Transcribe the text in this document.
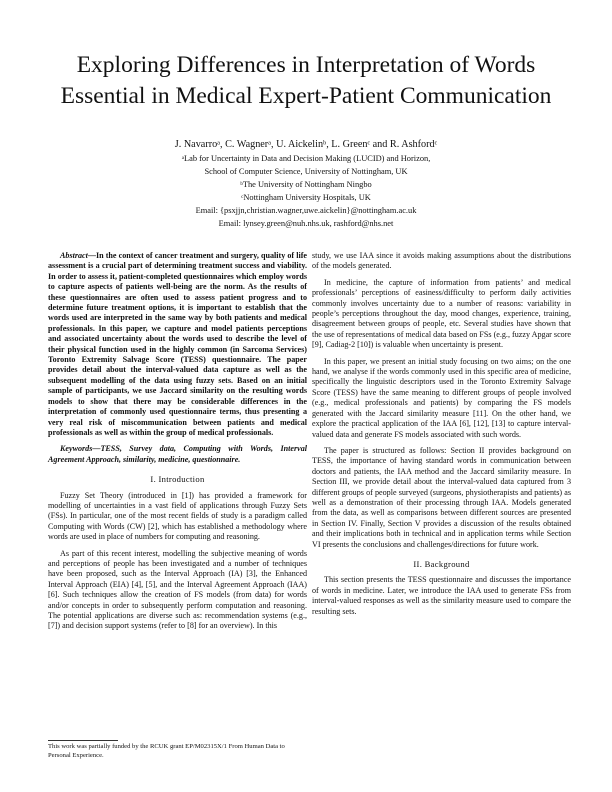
Exploring Differences in Interpretation of Words
Essential in Medical Expert-Patient Communication
J. Navarroᵃ, C. Wagnerᵃ, U. Aickelinᵇ, L. Greenᶜ and R. Ashfordᶜ
ᵃLab for Uncertainty in Data and Decision Making (LUCID) and Horizon,
School of Computer Science, University of Nottingham, UK
ᵇThe University of Nottingham Ningbo
ᶜNottingham University Hospitals, UK
Email: {psxjjn,christian.wagner,uwe.aickelin}@nottingham.ac.uk
Email: lynsey.green@nuh.nhs.uk, rashford@nhs.net

Abstract—In the context of cancer treatment and surgery, quality of life assessment is a crucial part of determining treatment success and viability. In order to assess it, patient-completed questionnaires which employ words to capture aspects of patients well-being are the norm. As the results of these questionnaires are often used to assess patient progress and to determine future treatment options, it is important to establish that the words used are interpreted in the same way by both patients and medical professionals. In this paper, we capture and model patients perceptions and associated uncertainty about the words used to describe the level of their physical function used in the highly common (in Sarcoma Services) Toronto Extremity Salvage Score (TESS) questionnaire. The paper provides detail about the interval-valued data capture as well as the subsequent modelling of the data using fuzzy sets. Based on an initial sample of participants, we use Jaccard similarity on the resulting words models to show that there may be considerable differences in the interpretation of commonly used questionnaire terms, thus presenting a very real risk of miscommunication between patients and medical professionals as well as within the group of medical professionals.

Keywords—TESS, Survey data, Computing with Words, Interval Agreement Approach, similarity, medicine, questionnaire.

I. Introduction

Fuzzy Set Theory (introduced in [1]) has provided a framework for modelling of uncertainties in a vast field of applications through Fuzzy Sets (FSs). In particular, one of the most recent fields of study is a paradigm called Computing with Words (CW) [2], which has established a methodology where words are used in place of numbers for computing and reasoning.

As part of this recent interest, modelling the subjective meaning of words and perceptions of people has been investigated and a number of techniques have been proposed, such as the Interval Approach (IA) [3], the Enhanced Interval Approach (EIA) [4], [5], and the Interval Agreement Approach (IAA) [6]. Such techniques allow the creation of FS models (from data) for words and/or concepts in order to subsequently perform computation and reasoning. The potential applications are diverse such as: recommendation systems (e.g., [7]) and decision support systems (refer to [8] for an overview). In this

study, we use IAA since it avoids making assumptions about the distributions of the models generated.

In medicine, the capture of information from patients’ and medical professionals’ perceptions of easiness/difficulty to perform daily activities commonly involves uncertainty due to a number of reasons: variability in people’s perceptions throughout the day, mood changes, experience, training, disagreement between groups of people, etc. Several studies have shown that the use of representations of medical data based on FSs (e.g., fuzzy Apgar score [9], Cadiag-2 [10]) is valuable when uncertainty is present.

In this paper, we present an initial study focusing on two aims; on the one hand, we analyse if the words commonly used in this specific area of medicine, specifically the linguistic descriptors used in the Toronto Extremity Salvage Score (TESS) have the same meaning to different groups of people involved (e.g., medical professionals and patients) by comparing the FS models generated with the Jaccard similarity measure [11]. On the other hand, we explore the practical application of the IAA [6], [12], [13] to capture interval-valued data and generate FS models associated with such words.

The paper is structured as follows: Section II provides background on TESS, the importance of having standard words in communication between doctors and patients, the IAA method and the Jaccard similarity measure. In Section III, we provide detail about the interval-valued data captured from 3 different groups of people surveyed (surgeons, physiotherapists and patients) as well as a demonstration of their processing through IAA. Models generated from the data, as well as comparisons between different sources are presented in Section IV. Finally, Section V provides a discussion of the results obtained and their implications both in technical and in application terms while Section VI presents the conclusions and challenges/directions for future work.

II. Background

This section presents the TESS questionnaire and discusses the importance of words in medicine. Later, we introduce the IAA used to generate FSs from interval-valued responses as well as the similarity measure used to compare the resulting sets.

This work was partially funded by the RCUK grant EP/M02315X/1 From Human Data to Personal Experience.
